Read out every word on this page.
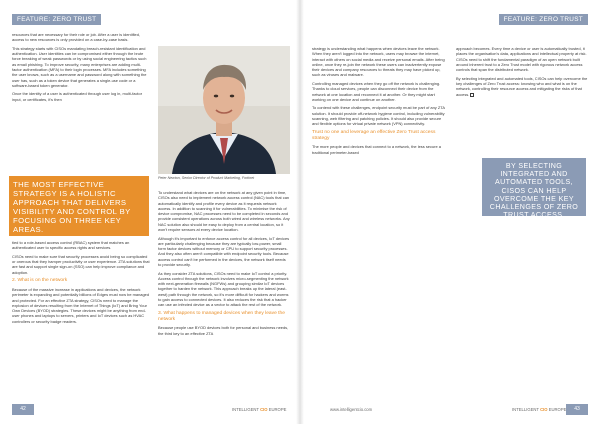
FEATURE: ZERO TRUST	FEATURE: ZERO TRUST

resources that are necessary for their role or job. After a user is identified, access to new resources is only provided on a case-by-case basis.

This strategy starts with CISOs mandating breach-resistant identification and authentication. User identities can be compromised either through the brute force breaking of weak passwords or by using social engineering tactics such as email phishing. To improve security, many enterprises are adding multi-factor authentication (MFA) to their login processes. MFA includes something the user knows, such as a username and password along with something the user has, such as a token device that generates a single-use code or a software-based token generator.

Once the identity of a user is authenticated through user log in, multi-factor input, or certificates, it's then

THE MOST EFFECTIVE STRATEGY IS A HOLISTIC APPROACH THAT DELIVERS VISIBILITY AND CONTROL BY FOCUSING ON THREE KEY AREAS.

tied to a role-based access control (RBAC) system that matches an authenticated user to specific access rights and services.

CISOs need to make sure that security processes avoid being so complicated or onerous that they hamper productivity or user experience. ZTA solutions that are fast and support single sign-on (SSO) can help improve compliance and adoption.

2. What is on the network

Because of the massive increase in applications and devices, the network perimeter is expanding and potentially billions of Edges must now be managed and protected. For an effective ZTA strategy, CISOs need to manage the explosion of devices resulting from the Internet of Things (IoT) and Bring Your Own Devices (BYOD) strategies. These devices might be anything from end-user phones and laptops to servers, printers and IoT devices such as HVAC controllers or security badge readers.

Peter Newton, Senior Director of Product Marketing, Fortinet

To understand what devices are on the network at any given point in time, CISOs also need to implement network access control (NAC) tools that can automatically identify and profile every device as it requests network access. In addition to scanning it for vulnerabilities. To minimise the risk of device compromise, NAC processes need to be completed in seconds and provide consistent operations across both wired and wireless networks. Any NAC solution also should be easy to deploy from a central location, so it won't require sensors at every device location.

Although it's important to enforce access control for all devices, IoT devices are particularly challenging because they are typically low-power, small form factor devices without memory or CPU to support security processes. And they also often aren't compatible with endpoint security tools. Because access control can't be performed in the devices, the network itself needs to provide security.

As they consider ZTA solutions, CISOs need to make IoT control a priority. Access control through the network involves micro-segmenting the network with next-generation firewalls (NGFWs) and grouping similar IoT devices together to harden the network. This approach breaks up the lateral (east-west) path through the network, so it's more difficult for hackers and worms to gain access to connected devices. It also reduces the risk that a hacker can use an infected device as a vector to attack the rest of the network.

3. What happens to managed devices when they leave the network

Because people use BYOD devices both for personal and business needs, the third key to an effective ZTA

strategy is understanding what happens when devices leave the network. When they aren't logged into the network, users may browse the internet, interact with others on social media and receive personal emails. After being online, once they re-join the network these users can inadvertently expose their devices and company resources to threats they may have picked up, such as viruses and malware.

Controlling managed devices when they go off the network is challenging. Thanks to cloud services, people can disconnect their device from the network at one location and reconnect it at another. Or they might start working on one device and continue on another.

To contend with these challenges, endpoint security must be part of any ZTA solution. It should provide off-network hygiene control, including vulnerability scanning, web filtering and patching policies. It should also provide secure and flexible options for virtual private network (VPN) connectivity.

Trust no one and leverage an effective Zero Trust access strategy

The more people and devices that connect to a network, the less secure a traditional perimeter-based

approach becomes. Every time a device or user is automatically trusted, it places the organisation's data, applications and intellectual property at risk. CISOs need to shift the fundamental paradigm of an open network built around inherent trust to a Zero Trust model with rigorous network access controls that span the distributed network.

By selecting integrated and automated tools, CISOs can help overcome the key challenges of Zero Trust access: knowing who and what is on the network, controlling their resource access and mitigating the risks of that access.

BY SELECTING INTEGRATED AND AUTOMATED TOOLS, CISOS CAN HELP OVERCOME THE KEY CHALLENGES OF ZERO TRUST ACCESS.
42	INTELLIGENT CIO EUROPE	www.intelligentcio.com	INTELLIGENT CIO EUROPE	43
